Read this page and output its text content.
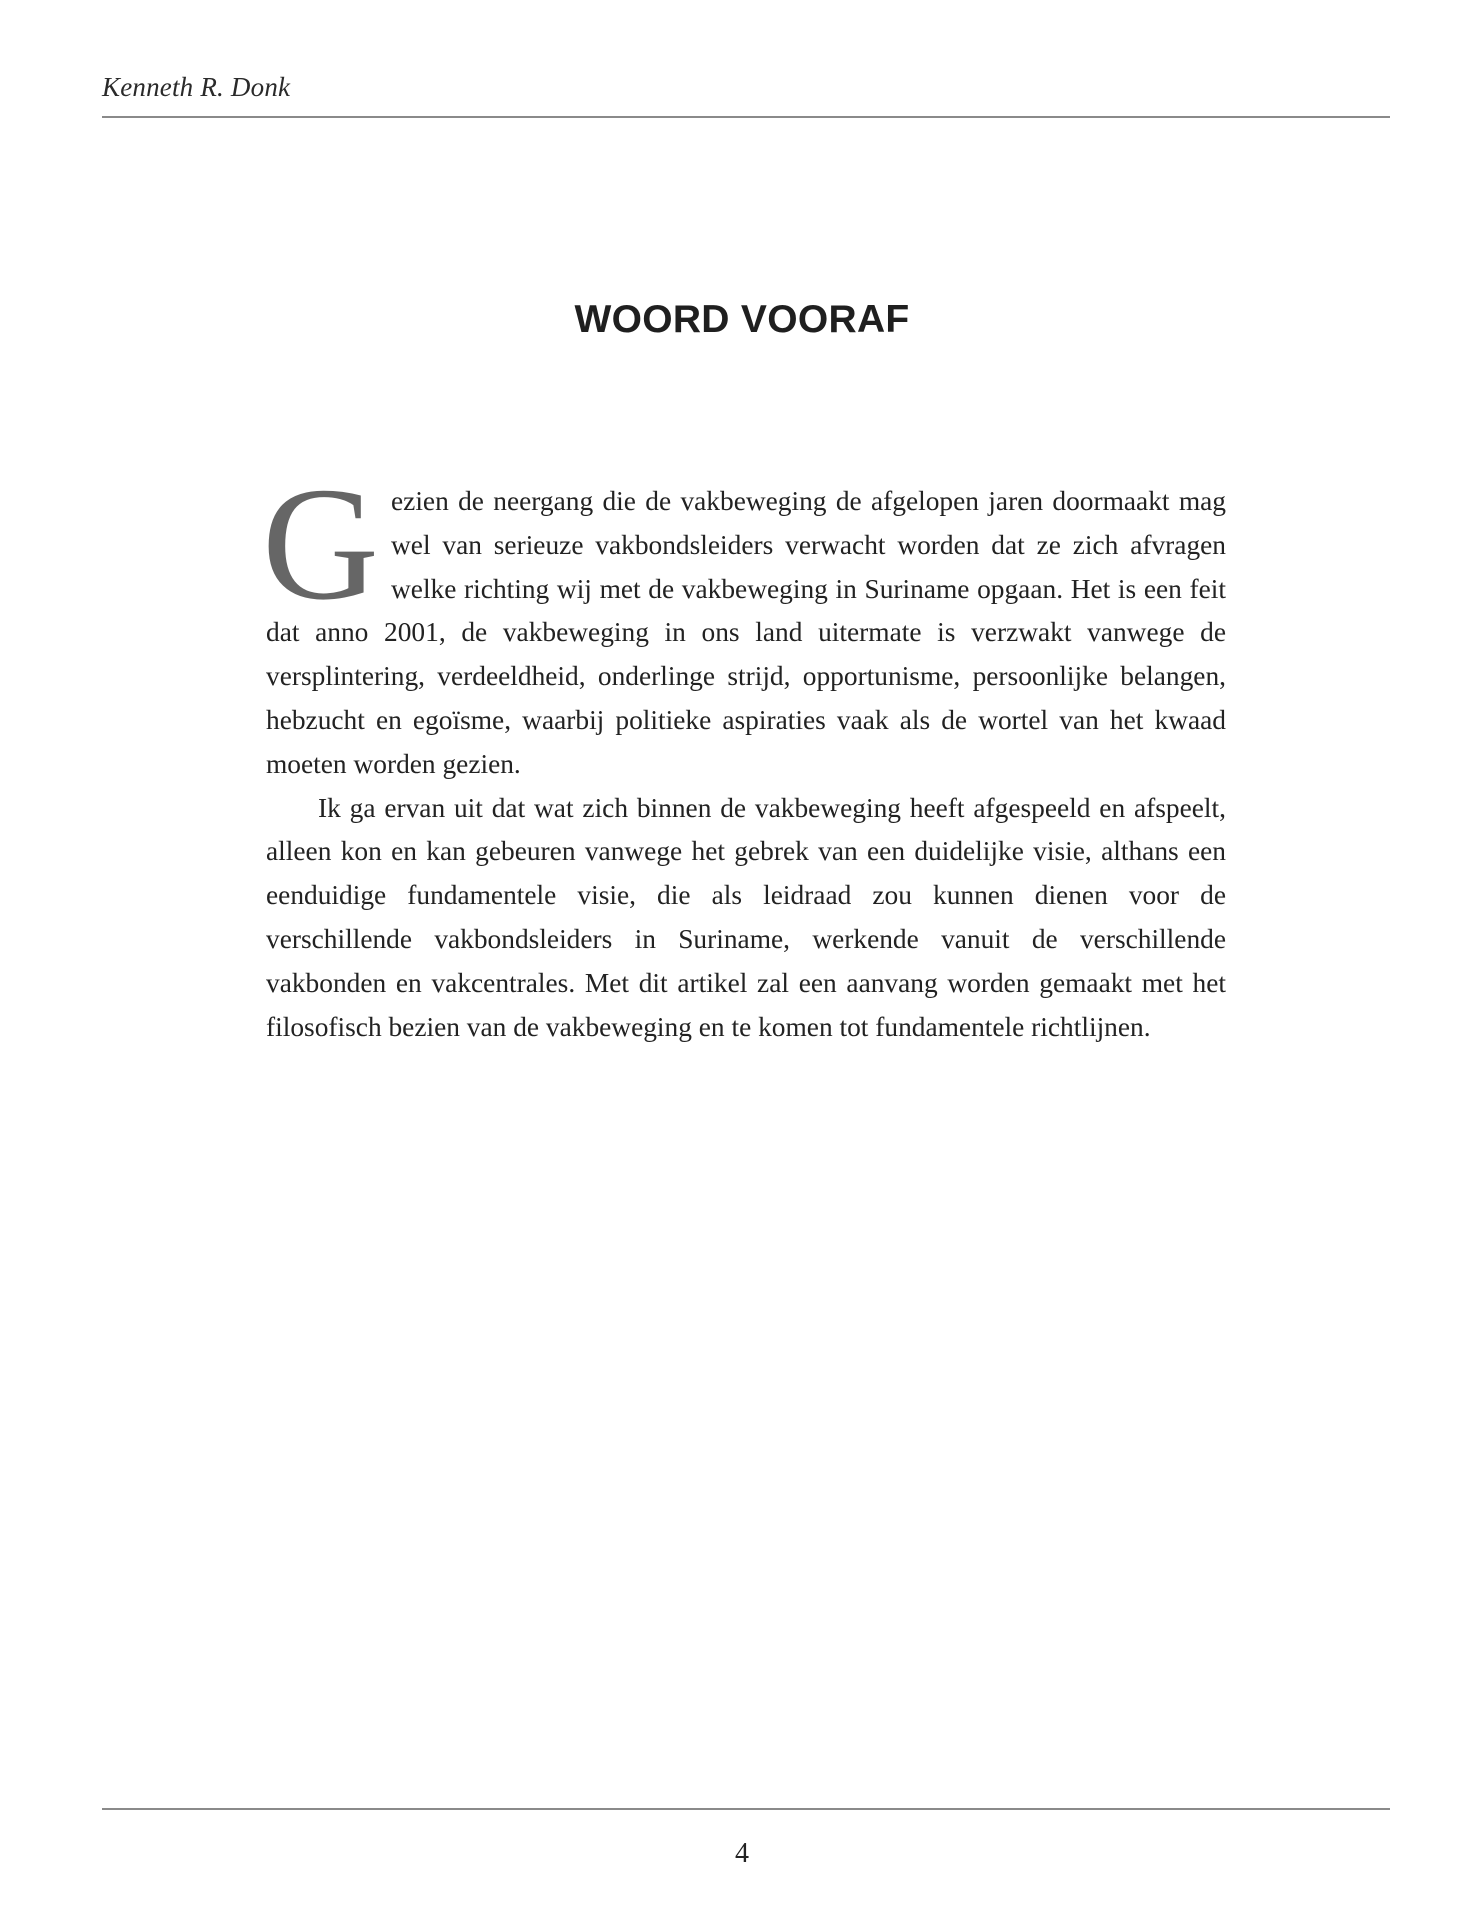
Kenneth R. Donk
WOORD VOORAF

Gezien de neergang die de vakbeweging de afgelopen jaren doormaakt mag wel van serieuze vakbondsleiders verwacht worden dat ze zich afvragen welke richting wij met de vakbeweging in Suriname opgaan. Het is een feit dat anno 2001, de vakbeweging in ons land uitermate is verzwakt vanwege de versplintering, verdeeldheid, onderlinge strijd, opportunisme, persoonlijke belangen, hebzucht en egoïsme, waarbij politieke aspiraties vaak als de wortel van het kwaad moeten worden gezien.

Ik ga ervan uit dat wat zich binnen de vakbeweging heeft afgespeeld en afspeelt, alleen kon en kan gebeuren vanwege het gebrek van een duidelijke visie, althans een eenduidige fundamentele visie, die als leidraad zou kunnen dienen voor de verschillende vakbondsleiders in Suriname, werkende vanuit de verschillende vakbonden en vakcentrales. Met dit artikel zal een aanvang worden gemaakt met het filosofisch bezien van de vakbeweging en te komen tot fundamentele richtlijnen.

4
